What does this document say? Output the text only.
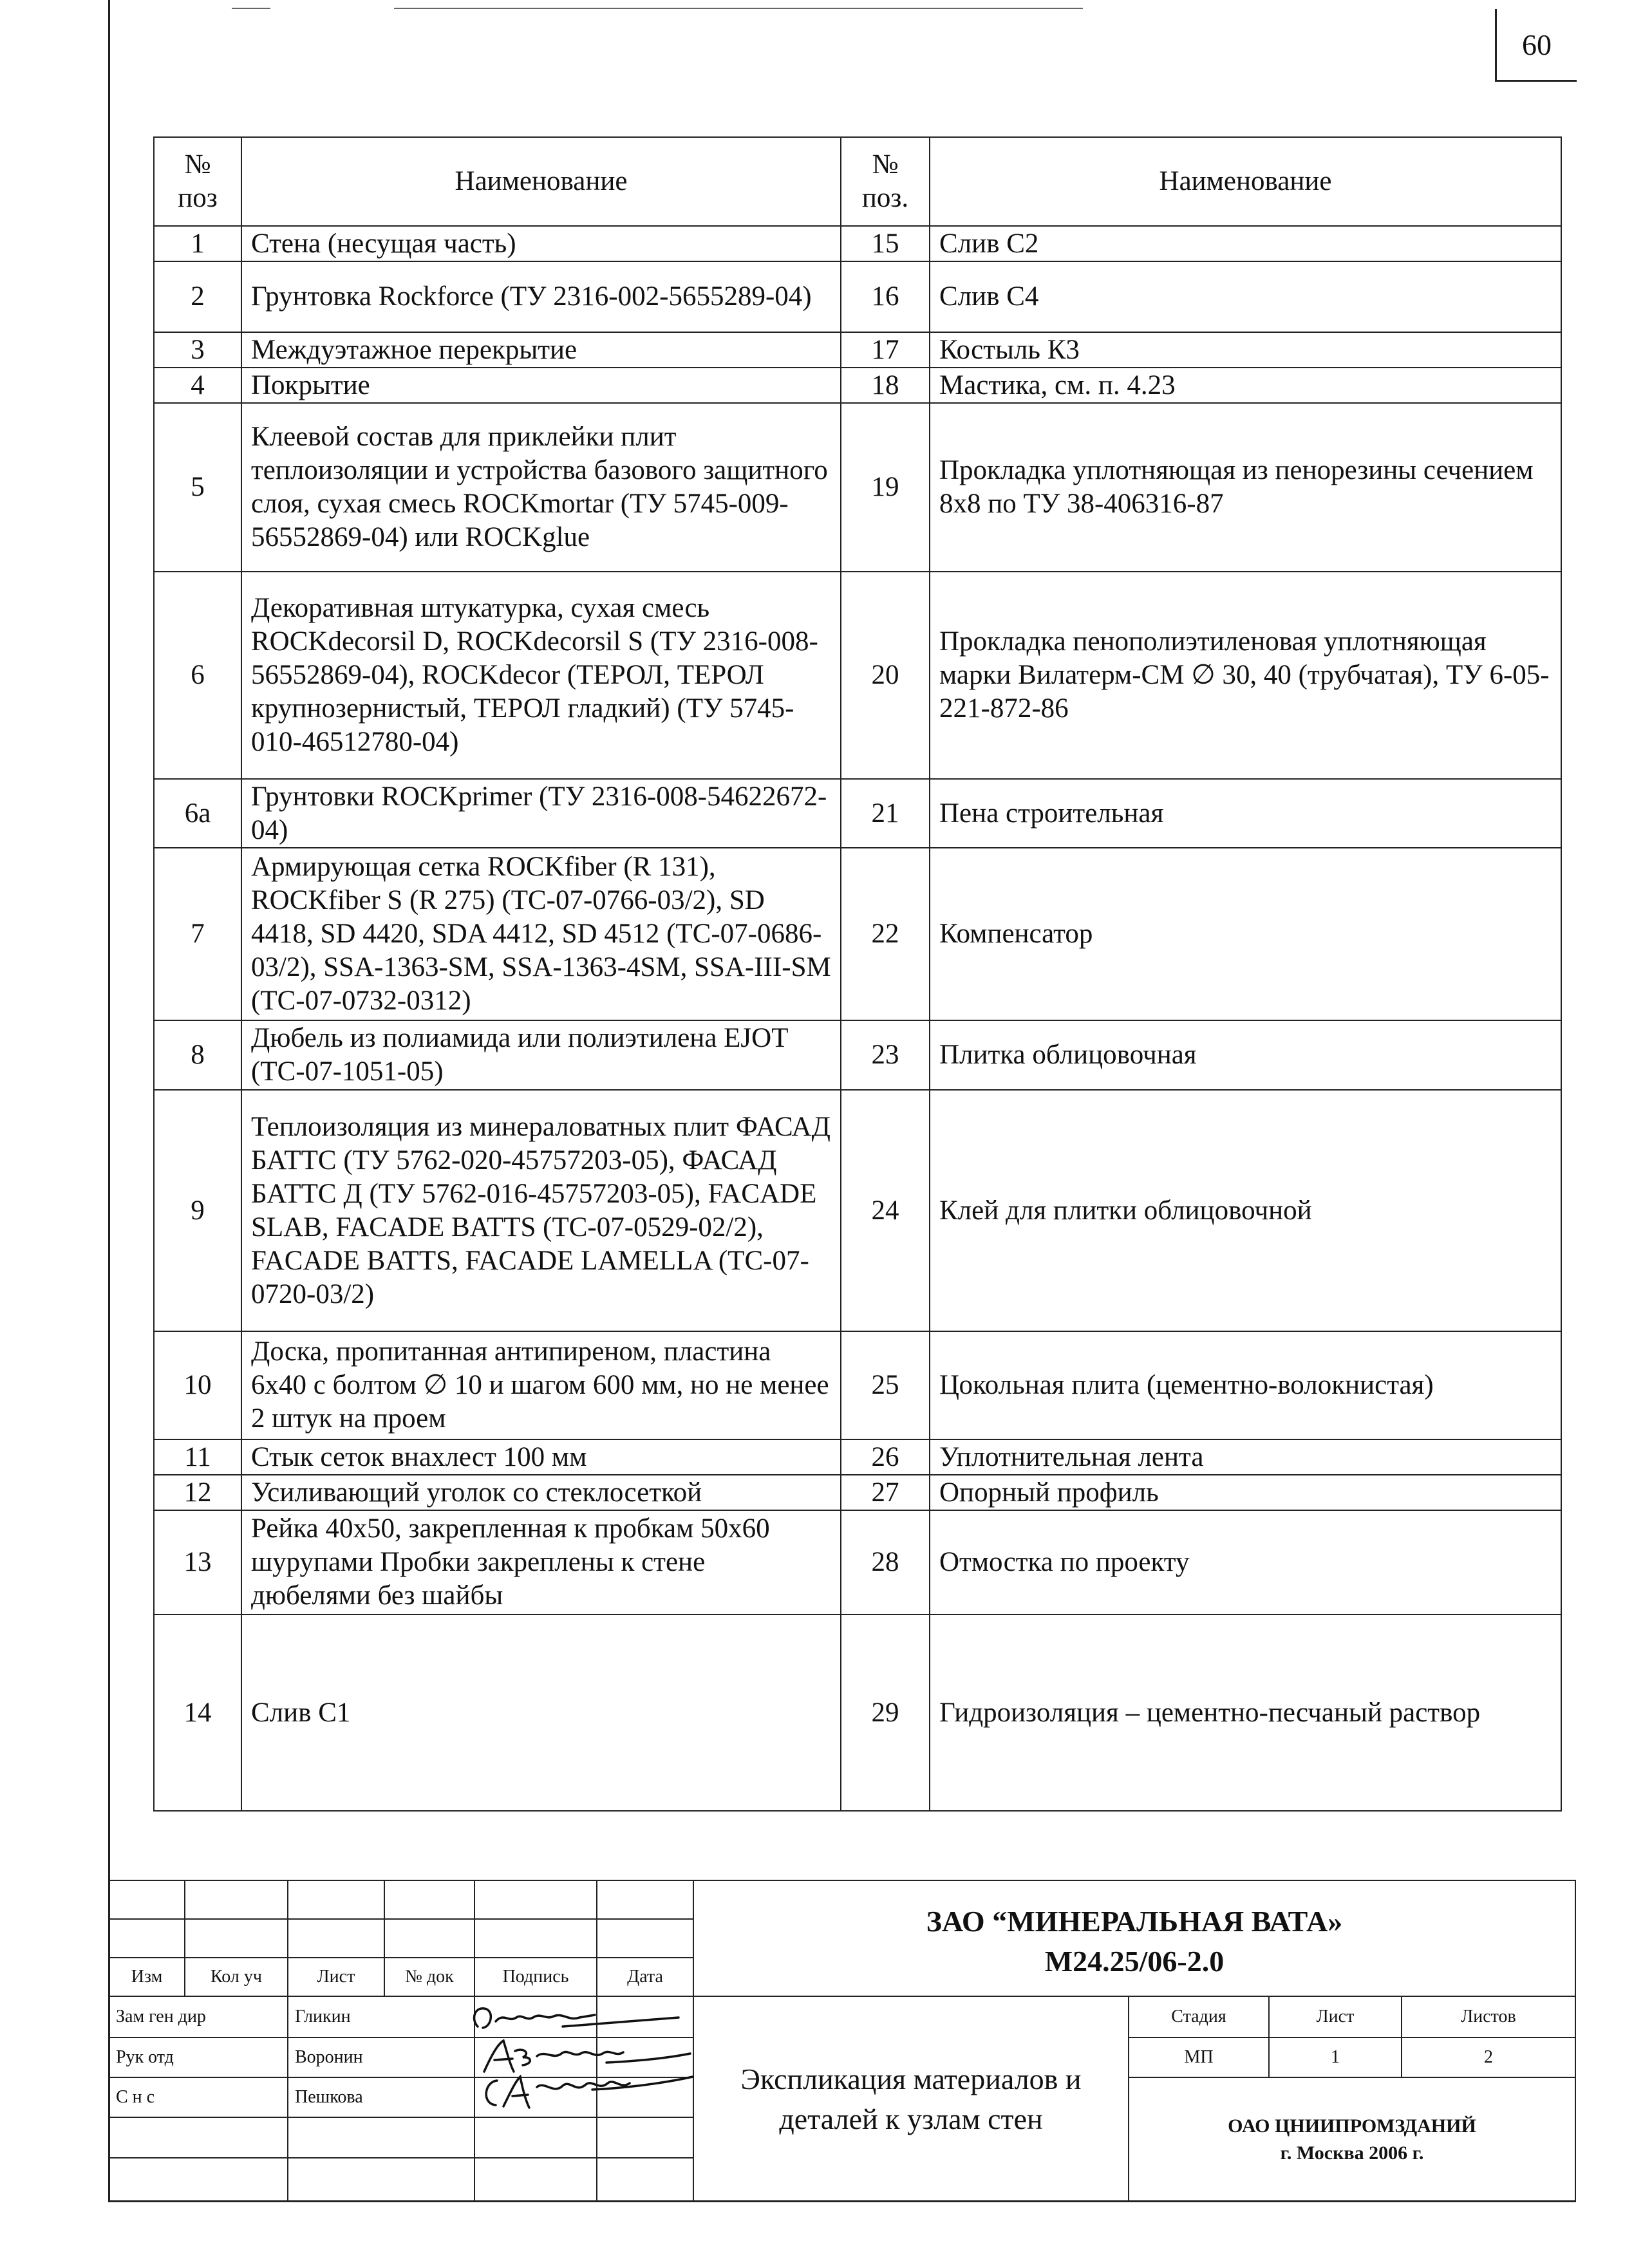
60
№ поз	Наименование	№ поз.	Наименование
1	Стена (несущая часть)	15	Слив С2
2	Грунтовка Rockforce (ТУ 2316-002-5655289-04)	16	Слив С4
3	Междуэтажное перекрытие	17	Костыль К3
4	Покрытие	18	Мастика, см. п. 4.23
5	Клеевой состав для приклейки плит теплоизоляции и устройства базового защитного слоя, сухая смесь ROCKmortar (ТУ 5745-009-56552869-04) или ROCKglue	19	Прокладка уплотняющая из пенорезины сечением 8x8 по ТУ 38-406316-87
6	Декоративная штукатурка, сухая смесь ROCKdecorsil D, ROCKdecorsil S (ТУ 2316-008-56552869-04), ROCKdecor (ТЕРОЛ, ТЕРОЛ крупнозернистый, ТЕРОЛ гладкий) (ТУ 5745-010-46512780-04)	20	Прокладка пенополиэтиленовая уплотняющая марки Вилатерм-СМ ∅ 30, 40 (трубчатая), ТУ 6-05-221-872-86
6а	Грунтовки ROCKprimer (ТУ 2316-008-54622672-04)	21	Пена строительная
7	Армирующая сетка ROCKfiber (R 131), ROCKfiber S (R 275) (ТС-07-0766-03/2), SD 4418, SD 4420, SDA 4412, SD 4512 (ТС-07-0686-03/2), SSA-1363-SM, SSA-1363-4SM, SSA-III-SM (ТС-07-0732-0312)	22	Компенсатор
8	Дюбель из полиамида или полиэтилена EJOT (ТС-07-1051-05)	23	Плитка облицовочная
9	Теплоизоляция из минераловатных плит ФАСАД БАТТС (ТУ 5762-020-45757203-05), ФАСАД БАТТС Д (ТУ 5762-016-45757203-05), FACADE SLAB, FACADE BATTS (ТС-07-0529-02/2), FACADE BATTS, FACADE LAMELLA (ТС-07-0720-03/2)	24	Клей для плитки облицовочной
10	Доска, пропитанная антипиреном, пластина 6x40 с болтом ∅ 10 и шагом 600 мм, но не менее 2 штук на проем	25	Цокольная плита (цементно-волокнистая)
11	Стык сеток внахлест 100 мм	26	Уплотнительная лента
12	Усиливающий уголок со стеклосеткой	27	Опорный профиль
13	Рейка 40x50, закрепленная к пробкам 50x60 шурупами Пробки закреплены к стене дюбелями без шайбы	28	Отмостка по проекту
14	Слив С1	29	Гидроизоляция – цементно-песчаный раствор

						ЗАО “МИНЕРАЛЬНАЯ ВАТА»
М24.25/06-2.0			

Изм	Кол уч	Лист	№ док	Подпись	Дата				
Зам ген дир		Гликин				Экспликация материалов и деталей к узлам стен	Стадия	Лист	Листов
Рук отд		Воронин					МП	1	2
С н с		Пешкова					ОАО ЦНИИПРОМЗДАНИЙ
г. Москва 2006 г.		
